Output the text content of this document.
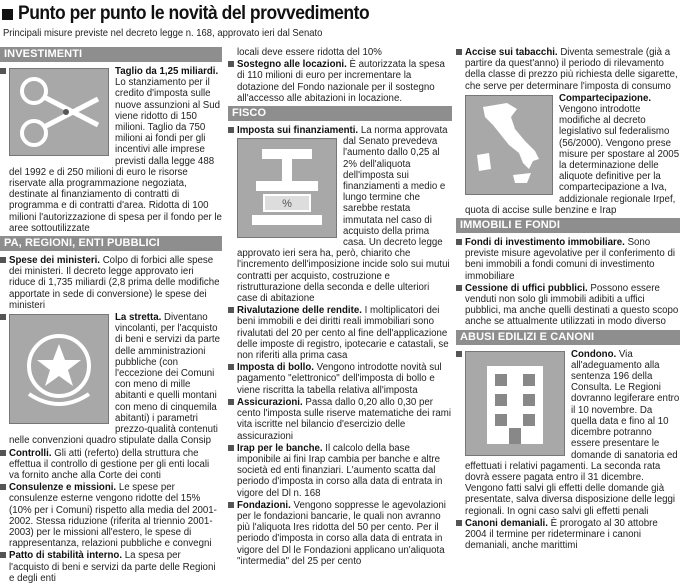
Punto per punto le novità del provvedimento
Principali misure previste nel decreto legge n. 168, approvato ieri dal Senato
INVESTIMENTI
Taglio da 1,25 miliardi.
Lo stanziamento per il credito d'imposta sulle nuove assunzioni al Sud viene ridotto di 150 milioni. Taglio da 750 milioni ai fondi per gli incentivi alle imprese previsti dalla legge 488 del 1992 e di 250 milioni di euro le risorse riservate alla programmazione negoziata, destinate al finanziamento di contratti di programma e di contratti d'area. Ridotta di 100 milioni l'autorizzazione di spesa per il fondo per le aree sottoutilizzate
PA, REGIONI, ENTI PUBBLICI
Spese dei ministeri. Colpo di forbici alle spese dei ministeri. Il decreto legge approvato ieri riduce di 1,735 miliardi (2,8 prima delle modifiche apportate in sede di conversione) le spese dei ministeri
La stretta.
Diventano vincolanti, per l'acquisto di beni e servizi da parte delle amministrazioni pubbliche (con l'eccezione dei Comuni con meno di mille abitanti e quelli montani con meno di cinquemila abitanti) i parametri prezzo-qualità contenuti nelle convenzioni quadro stipulate dalla Consip
Controlli. Gli atti (referto) della struttura che effettua il controllo di gestione per gli enti locali va fornito anche alla Corte dei conti
Consulenze e missioni. Le spese per consulenze esterne vengono ridotte del 15% (10% per i Comuni) rispetto alla media del 2001-2002. Stessa riduzione (riferita al triennio 2001-2003) per le missioni all'estero, le spese di rappresentanza, relazioni pubbliche e convegni
Patto di stabilità interno. La spesa per l'acquisto di beni e servizi da parte delle Regioni e degli enti
locali deve essere ridotta del 10%
Sostegno alle locazioni. È autorizzata la spesa di 110 milioni di euro per incrementare la dotazione del Fondo nazionale per il sostegno all'accesso alle abitazioni in locazione.
FISCO
Imposta sui finanziamenti.
%
La norma approvata dal Senato prevedeva l'aumento dallo 0,25 al 2% dell'aliquota dell'imposta sui finanziamenti a medio e lungo termine che sarebbe restata immutata nel caso di acquisto della prima casa. Un decreto legge approvato ieri sera ha, però, chiarito che l'incremento dell'imposizione incide solo sui mutui contratti per acquisto, costruzione e ristrutturazione della seconda e delle ulteriori case di abitazione
Rivalutazione delle rendite. I moltiplicatori dei beni immobili e dei diritti reali immobiliari sono rivalutati del 20 per cento al fine dell'applicazione delle imposte di registro, ipotecarie e catastali, se non riferiti alla prima casa
Imposta di bollo. Vengono introdotte novità sul pagamento "elettronico" dell'imposta di bollo e viene riscritta la tabella relativa all'imposta
Assicurazioni. Passa dallo 0,20 allo 0,30 per cento l'imposta sulle riserve matematiche dei rami vita iscritte nel bilancio d'esercizio delle assicurazioni
Irap per le banche. Il calcolo della base imponibile ai fini Irap cambia per banche e altre società ed enti finanziari. L'aumento scatta dal periodo d'imposta in corso alla data di entrata in vigore del Dl n. 168
Fondazioni. Vengono soppresse le agevolazioni per le fondazioni bancarie, le quali non avranno più l'aliquota Ires ridotta del 50 per cento. Per il periodo d'imposta in corso alla data di entrata in vigore del Dl le Fondazioni applicano un'aliquota "intermedia" del 25 per cento
Accise sui tabacchi. Diventa semestrale (già a partire da quest'anno) il periodo di rilevamento della classe di prezzo più richiesta delle sigarette, che serve per determinare l'imposta di consumo
Compartecipazione. Vengono introdotte modifiche al decreto legislativo sul federalismo (56/2000). Vengono prese misure per spostare al 2005 la determinazione delle aliquote definitive per la compartecipazione a Iva, addizionale regionale Irpef, quota di accise sulle benzine e Irap
IMMOBILI E FONDI
Fondi di investimento immobiliare. Sono previste misure agevolative per il conferimento di beni immobili a fondi comuni di investimento immobiliare
Cessione di uffici pubblici. Possono essere venduti non solo gli immobili adibiti a uffici pubblici, ma anche quelli destinati a questo scopo anche se attualmente utilizzati in modo diverso
ABUSI EDILIZI E CANONI
Condono.
Via all'adeguamento alla sentenza 196 della Consulta. Le Regioni dovranno legiferare entro il 10 novembre. Da quella data e fino al 10 dicembre potranno essere presentare le domande di sanatoria ed effettuati i relativi pagamenti. La seconda rata dovrà essere pagata entro il 31 dicembre. Vengono fatti salvi gli effetti delle domande già presentate, salva diversa disposizione delle leggi regionali. In ogni caso salvi gli effetti penali
Canoni demaniali. È prorogato al 30 attobre 2004 il termine per rideterminare i canoni demaniali, anche marittimi
